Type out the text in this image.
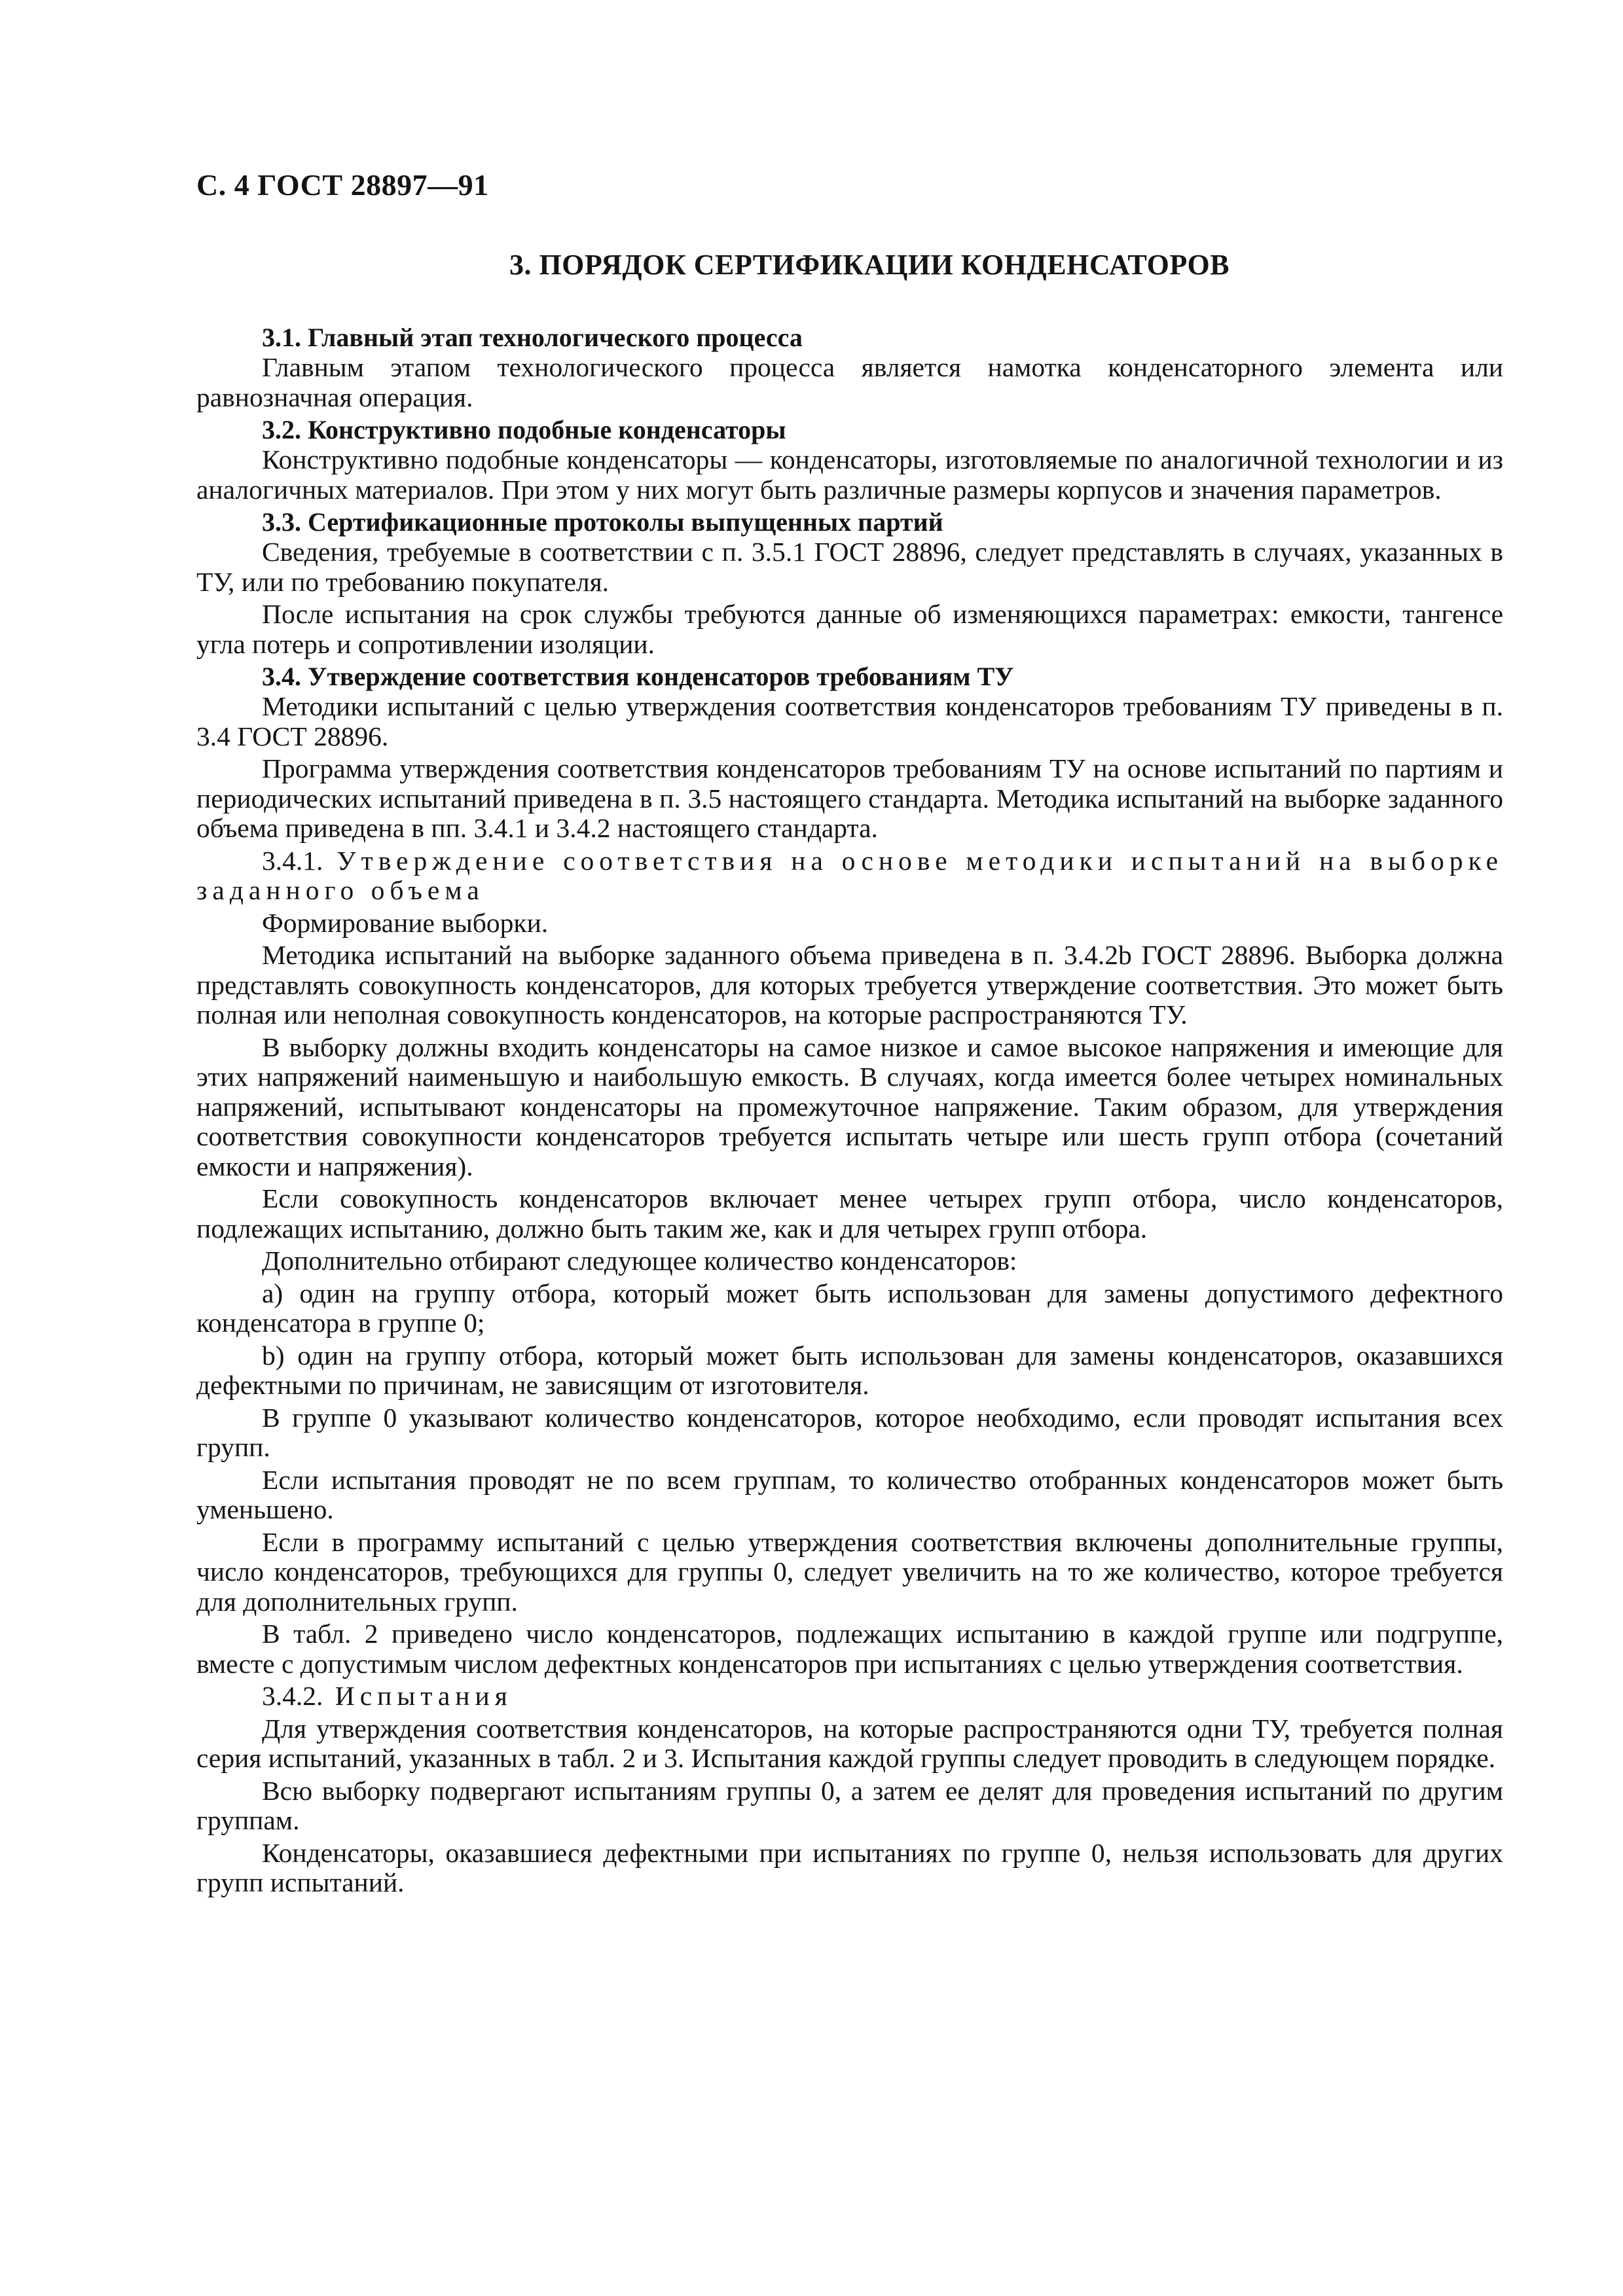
С. 4 ГОСТ 28897—91
3. ПОРЯДОК СЕРТИФИКАЦИИ КОНДЕНСАТОРОВ
3.1. Главный этап технологического процесса

Главным этапом технологического процесса является намотка конденсаторного элемента или равнозначная операция.

3.2. Конструктивно подобные конденсаторы

Конструктивно подобные конденсаторы — конденсаторы, изготовляемые по аналогичной технологии и из аналогичных материалов. При этом у них могут быть различные размеры корпусов и значения параметров.

3.3. Сертификационные протоколы выпущенных партий

Сведения, требуемые в соответствии с п. 3.5.1 ГОСТ 28896, следует представлять в случаях, указанных в ТУ, или по требованию покупателя.

После испытания на срок службы требуются данные об изменяющихся параметрах: емкости, тангенсе угла потерь и сопротивлении изоляции.

3.4. Утверждение соответствия конденсаторов требованиям ТУ

Методики испытаний с целью утверждения соответствия конденсаторов требованиям ТУ приведены в п. 3.4 ГОСТ 28896.

Программа утверждения соответствия конденсаторов требованиям ТУ на основе испытаний по партиям и периодических испытаний приведена в п. 3.5 настоящего стандарта. Методика испытаний на выборке заданного объема приведена в пп. 3.4.1 и 3.4.2 настоящего стандарта.

3.4.1. Утверждение соответствия на основе методики испытаний на выборке заданного объема

Формирование выборки.

Методика испытаний на выборке заданного объема приведена в п. 3.4.2b ГОСТ 28896. Выборка должна представлять совокупность конденсаторов, для которых требуется утверждение соответствия. Это может быть полная или неполная совокупность конденсаторов, на которые распространяются ТУ.

В выборку должны входить конденсаторы на самое низкое и самое высокое напряжения и имеющие для этих напряжений наименьшую и наибольшую емкость. В случаях, когда имеется более четырех номинальных напряжений, испытывают конденсаторы на промежуточное напряжение. Таким образом, для утверждения соответствия совокупности конденсаторов требуется испытать четыре или шесть групп отбора (сочетаний емкости и напряжения).

Если совокупность конденсаторов включает менее четырех групп отбора, число конденсаторов, подлежащих испытанию, должно быть таким же, как и для четырех групп отбора.

Дополнительно отбирают следующее количество конденсаторов:

a) один на группу отбора, который может быть использован для замены допустимого дефектного конденсатора в группе 0;

b) один на группу отбора, который может быть использован для замены конденсаторов, оказавшихся дефектными по причинам, не зависящим от изготовителя.

В группе 0 указывают количество конденсаторов, которое необходимо, если проводят испытания всех групп.

Если испытания проводят не по всем группам, то количество отобранных конденсаторов может быть уменьшено.

Если в программу испытаний с целью утверждения соответствия включены дополнительные группы, число конденсаторов, требующихся для группы 0, следует увеличить на то же количество, которое требуется для дополнительных групп.

В табл. 2 приведено число конденсаторов, подлежащих испытанию в каждой группе или подгруппе, вместе с допустимым числом дефектных конденсаторов при испытаниях с целью утверждения соответствия.

3.4.2. Испытания

Для утверждения соответствия конденсаторов, на которые распространяются одни ТУ, требуется полная серия испытаний, указанных в табл. 2 и 3. Испытания каждой группы следует проводить в следующем порядке.

Всю выборку подвергают испытаниям группы 0, а затем ее делят для проведения испытаний по другим группам.

Конденсаторы, оказавшиеся дефектными при испытаниях по группе 0, нельзя использовать для других групп испытаний.
